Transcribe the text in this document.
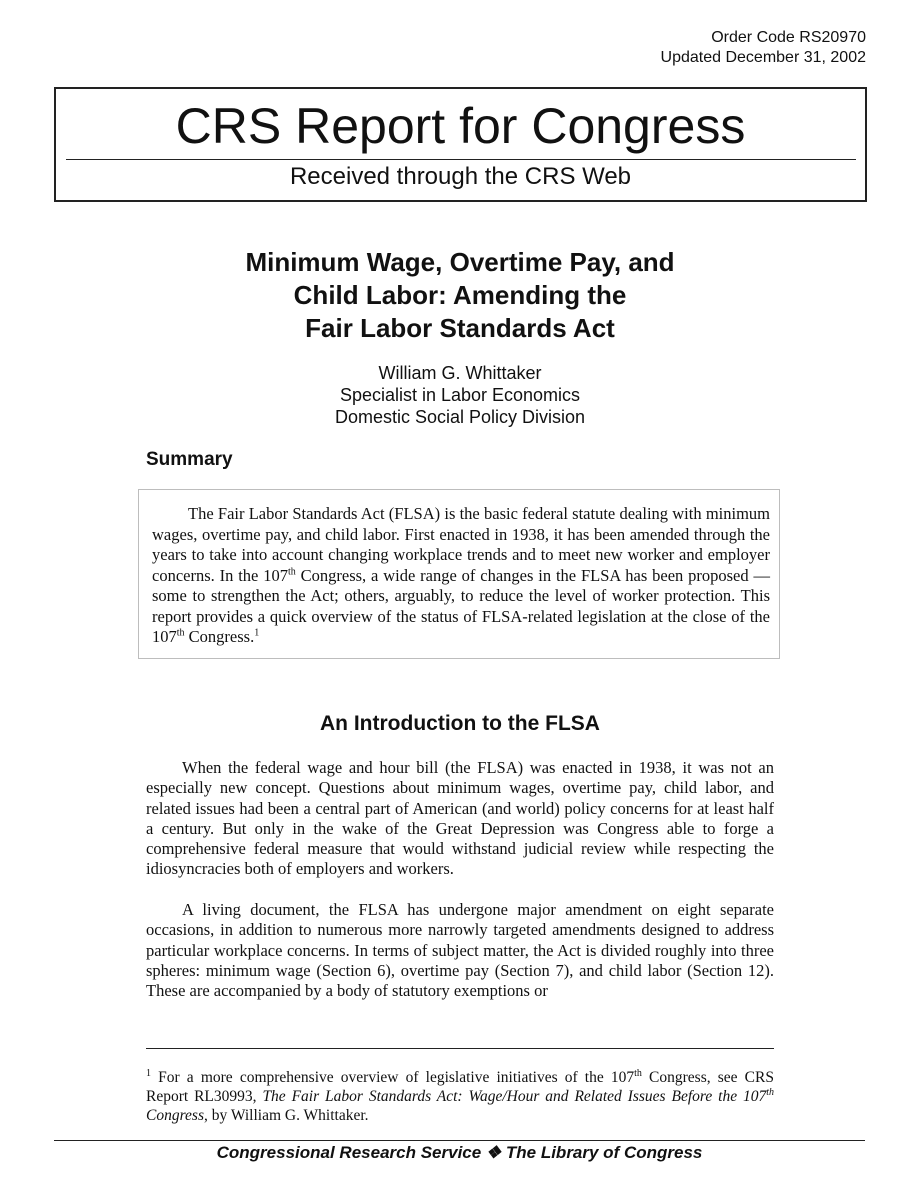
Order Code RS20970
Updated December 31, 2002
CRS Report for Congress
Received through the CRS Web
Minimum Wage, Overtime Pay, and
Child Labor: Amending the
Fair Labor Standards Act
William G. Whittaker
Specialist in Labor Economics
Domestic Social Policy Division
Summary
The Fair Labor Standards Act (FLSA) is the basic federal statute dealing with minimum wages, overtime pay, and child labor. First enacted in 1938, it has been amended through the years to take into account changing workplace trends and to meet new worker and employer concerns. In the 107th Congress, a wide range of changes in the FLSA has been proposed — some to strengthen the Act; others, arguably, to reduce the level of worker protection. This report provides a quick overview of the status of FLSA-related legislation at the close of the 107th Congress.$^1$
An Introduction to the FLSA
When the federal wage and hour bill (the FLSA) was enacted in 1938, it was not an especially new concept. Questions about minimum wages, overtime pay, child labor, and related issues had been a central part of American (and world) policy concerns for at least half a century. But only in the wake of the Great Depression was Congress able to forge a comprehensive federal measure that would withstand judicial review while respecting the idiosyncracies both of employers and workers.
A living document, the FLSA has undergone major amendment on eight separate occasions, in addition to numerous more narrowly targeted amendments designed to address particular workplace concerns. In terms of subject matter, the Act is divided roughly into three spheres: minimum wage (Section 6), overtime pay (Section 7), and child labor (Section 12). These are accompanied by a body of statutory exemptions or
$^1$ For a more comprehensive overview of legislative initiatives of the 107th Congress, see CRS Report RL30993, The Fair Labor Standards Act: Wage/Hour and Related Issues Before the 107th Congress, by William G. Whittaker.
Congressional Research Service ❖ The Library of Congress
